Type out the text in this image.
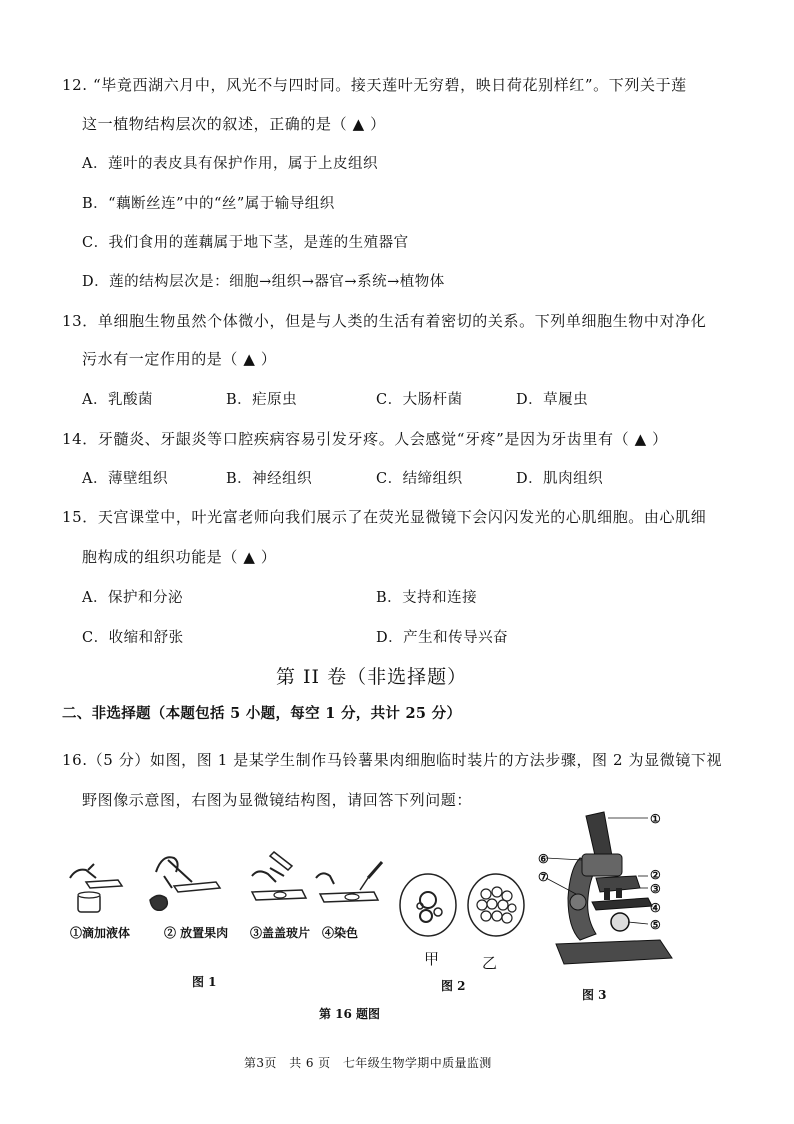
12. “毕竟西湖六月中，风光不与四时同。接天莲叶无穷碧，映日荷花别样红”。下列关于莲
这一植物结构层次的叙述，正确的是（ ▲ ）
A．莲叶的表皮具有保护作用，属于上皮组织
B．“藕断丝连”中的“丝”属于输导组织
C．我们食用的莲藕属于地下茎，是莲的生殖器官
D．莲的结构层次是：细胞→组织→器官→系统→植物体
13．单细胞生物虽然个体微小，但是与人类的生活有着密切的关系。下列单细胞生物中对净化
污水有一定作用的是（ ▲ ）
A．乳酸菌	B．疟原虫	C．大肠杆菌	D．草履虫
14．牙髓炎、牙龈炎等口腔疾病容易引发牙疼。人会感觉“牙疼”是因为牙齿里有（ ▲ ）
A．薄壁组织	B．神经组织	C．结缔组织	D．肌肉组织
15．天宫课堂中，叶光富老师向我们展示了在荧光显微镜下会闪闪发光的心肌细胞。由心肌细
胞构成的组织功能是（ ▲ ）
A．保护和分泌	B．支持和连接
C．收缩和舒张	D．产生和传导兴奋
第 II 卷（非选择题）
二、非选择题（本题包括 5 小题，每空 1 分，共计 25 分）
16.（5 分）如图，图 1 是某学生制作马铃薯果肉细胞临时装片的方法步骤，图 2 为显微镜下视
野图像示意图，右图为显微镜结构图，请回答下列问题：
①滴加液体	② 放置果肉 ③盖盖玻片 ④染色
图 1
甲	乙
图 2
①
②
③
④
⑤
⑥
⑦
图 3
第 16 题图
第3页　共 6 页　七年级生物学期中质量监测
